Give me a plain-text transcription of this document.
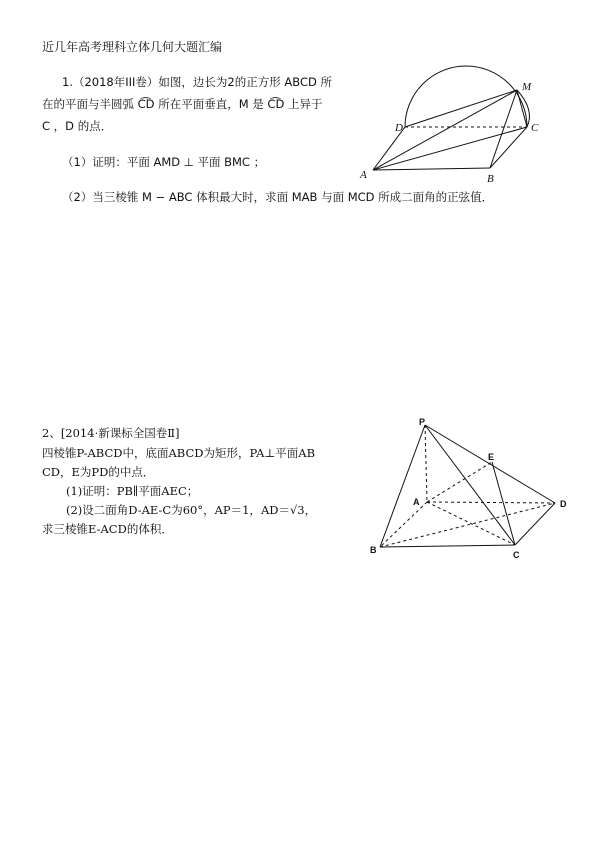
近几年高考理科立体几何大题汇编
1.（2018年III卷）如图，边长为2的正方形 ABCD 所
在的平面与半圆弧 C͡D 所在平面垂直，M 是 C͡D 上异于
C ，D 的点．
（1）证明：平面 AMD ⊥ 平面 BMC ；
（2）当三棱锥 M − ABC 体积最大时，求面 MAB 与面 MCD 所成二面角的正弦值．
M
D	C
A	B
2、[2014·新课标全国卷Ⅱ]
四棱锥P-ABCD中，底面ABCD为矩形，PA⊥平面AB
CD，E为PD的中点．
(1)证明：PB∥平面AEC；
(2)设二面角D-AE-C为60°，AP＝1，AD＝√3，
求三棱锥E-ACD的体积．
P
E
A	D
B	C
